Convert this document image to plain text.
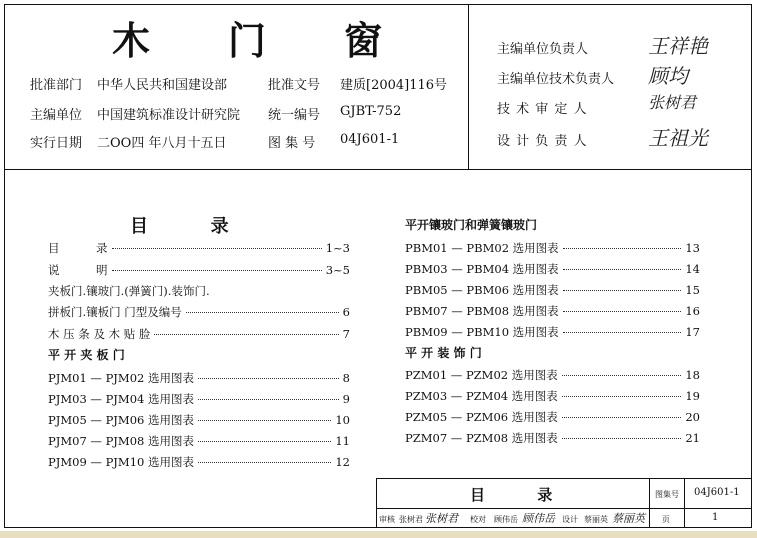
木 门 窗
批准部门 中华人民共和国建设部
主编单位 中国建筑标准设计研究院
实行日期 二OO四 年八月十五日
批准文号 建质[2004]116号
统一编号 GJBT-752
图 集 号 04J601-1
主编单位负责人	王祥艳
主编单位技术负责人 顾均
技 术 审 定 人	张树君
设 计 负 责 人	王祖光
目          录
目          录	1~3
说          明	3~5
夹板门.镶玻门.(弹簧门).装饰门.
拼板门.镶板门 门型及编号	6
木 压 条 及 木 贴 脸	7
平 开 夹 板 门
PJM01 — PJM02 选用图表	8
PJM03 — PJM04 选用图表	9
PJM05 — PJM06 选用图表	10
PJM07 — PJM08 选用图表	11
PJM09 — PJM10 选用图表	12
平开镶玻门和弹簧镶玻门
PBM01 — PBM02 选用图表	13
PBM03 — PBM04 选用图表	14
PBM05 — PBM06 选用图表	15
PBM07 — PBM08 选用图表	16
PBM09 — PBM10 选用图表	17
平 开 装 饰 门
PZM01 — PZM02 选用图表	18
PZM03 — PZM04 选用图表	19
PZM05 — PZM06 选用图表	20
PZM07 — PZM08 选用图表	21
目          录	图集号 04J601-1
页	1
审核 张树君 张树君 校对 顾伟岳 顾伟岳 设计 蔡丽英 蔡丽英
